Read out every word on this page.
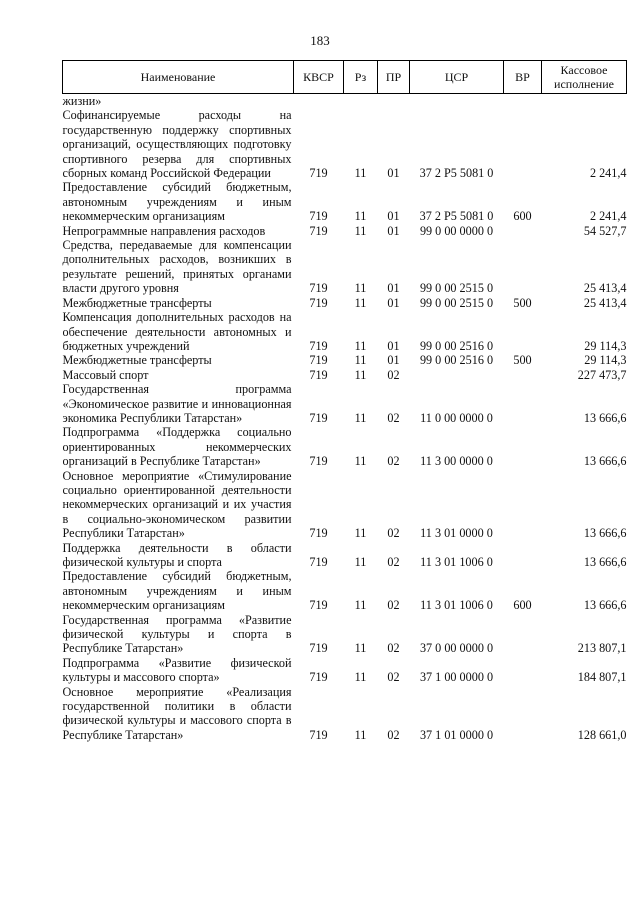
183
Наименование	КВСР	Рз	ПР	ЦСР	ВР	Кассовое исполнение
жизни»						
Софинансируемые расходы на государственную поддержку спортивных организаций, осуществляющих подготовку спортивного резерва для спортивных сборных команд Российской Федерации	719	11	01	37 2 P5 5081 0		2 241,4
Предоставление субсидий бюджетным, автономным учреждениям и иным некоммерческим организациям	719	11	01	37 2 P5 5081 0	600	2 241,4
Непрограммные направления расходов	719	11	01	99 0 00 0000 0		54 527,7
Средства, передаваемые для компенсации дополнительных расходов, возникших в результате решений, принятых органами власти другого уровня	719	11	01	99 0 00 2515 0		25 413,4
Межбюджетные трансферты	719	11	01	99 0 00 2515 0	500	25 413,4
Компенсация дополнительных расходов на обеспечение деятельности автономных и бюджетных учреждений	719	11	01	99 0 00 2516 0		29 114,3
Межбюджетные трансферты	719	11	01	99 0 00 2516 0	500	29 114,3
Массовый спорт	719	11	02			227 473,7
Государственная программа «Экономическое развитие и инновационная экономика Республики Татарстан»	719	11	02	11 0 00 0000 0		13 666,6
Подпрограмма «Поддержка социально ориентированных некоммерческих организаций в Республике Татарстан»	719	11	02	11 3 00 0000 0		13 666,6
Основное мероприятие «Стимулирование социально ориентированной деятельности некоммерческих организаций и их участия в социально-экономическом развитии Республики Татарстан»	719	11	02	11 3 01 0000 0		13 666,6
Поддержка деятельности в области физической культуры и спорта	719	11	02	11 3 01 1006 0		13 666,6
Предоставление субсидий бюджетным, автономным учреждениям и иным некоммерческим организациям	719	11	02	11 3 01 1006 0	600	13 666,6
Государственная программа «Развитие физической культуры и спорта в Республике Татарстан»	719	11	02	37 0 00 0000 0		213 807,1
Подпрограмма «Развитие физической культуры и массового спорта»	719	11	02	37 1 00 0000 0		184 807,1
Основное мероприятие «Реализация государственной политики в области физической культуры и массового спорта в Республике Татарстан»	719	11	02	37 1 01 0000 0		128 661,0
